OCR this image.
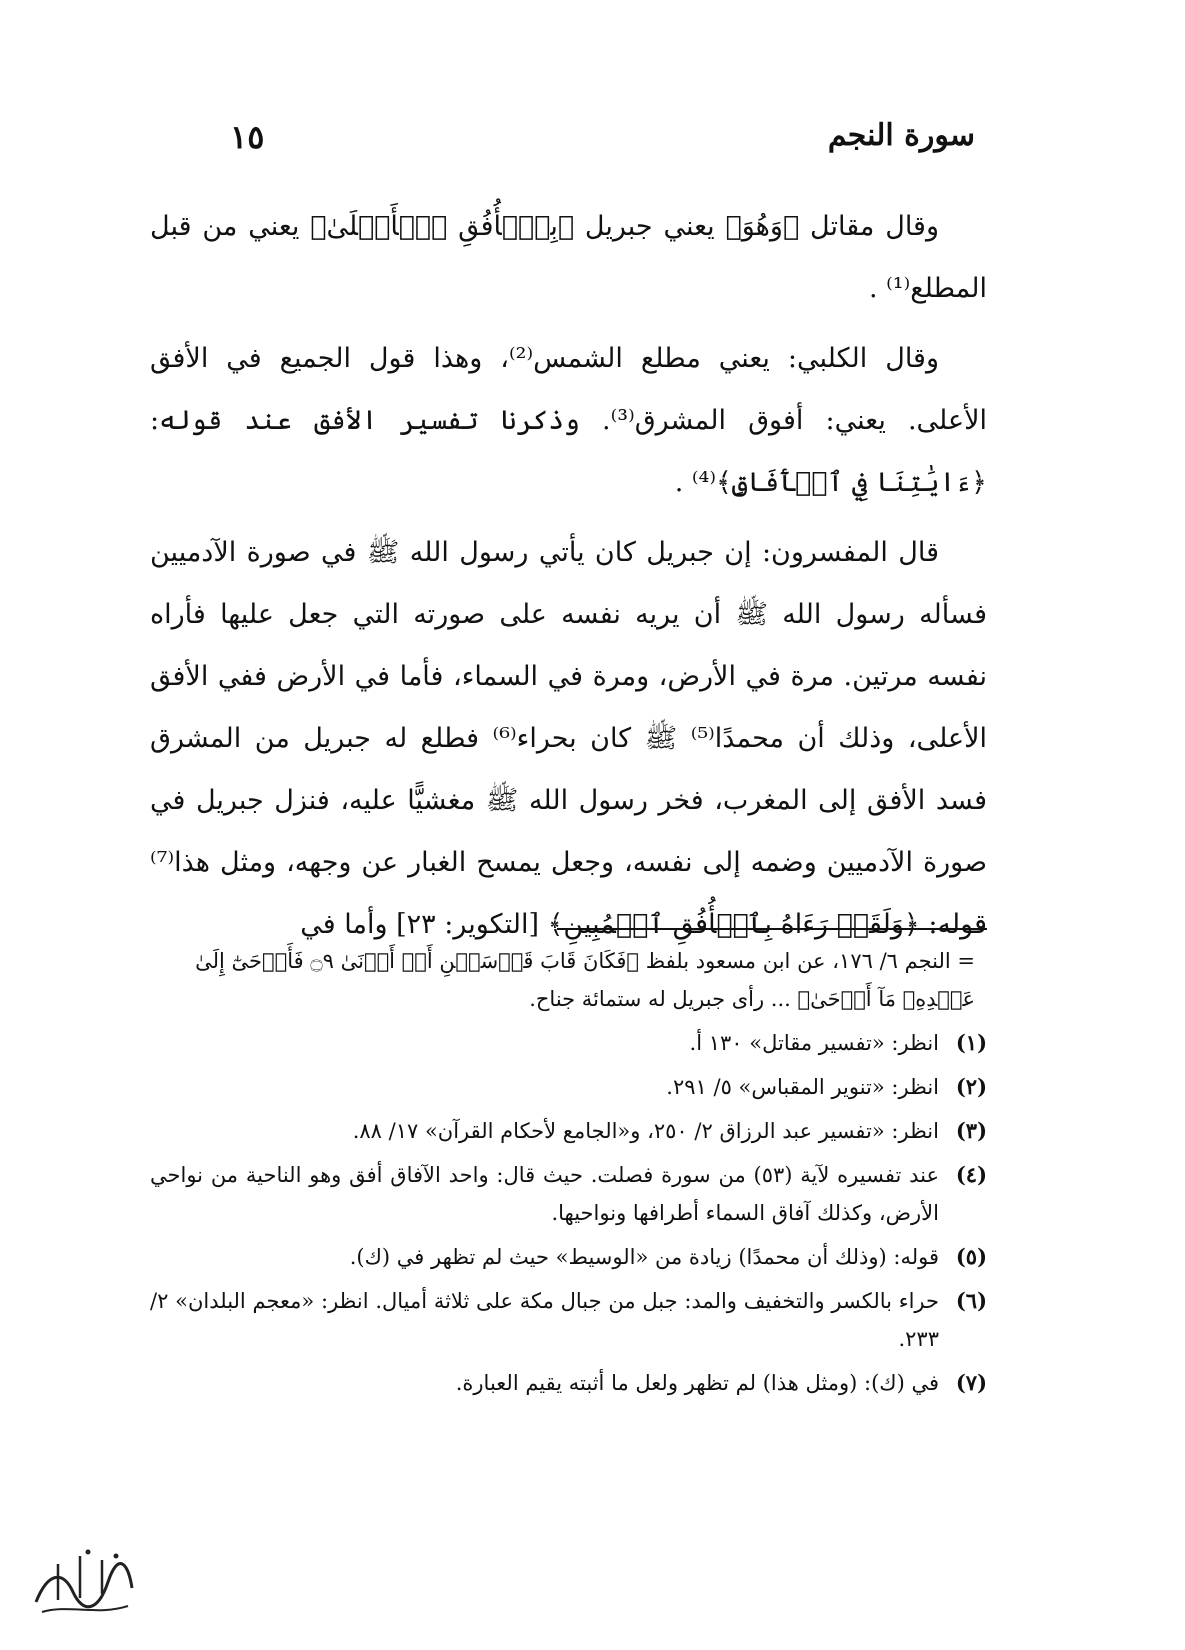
سورة النجم
١٥

وقال مقاتل ﴿وَهُوَ﴾ يعني جبريل ﴿بِٱلۡأُفُقِ ٱلۡأَعۡلَىٰ﴾ يعني من قبل المطلع⁽¹⁾ .

وقال الكلبي: يعني مطلع الشمس⁽²⁾، وهذا قول الجميع في الأفق الأعلى. يعني: أفوق المشرق⁽³⁾. وذكرنا تفسير الأفق عند قوله: ﴿ءَايَٰتِنَا فِي ٱلۡأٓفَاقِ﴾⁽⁴⁾ .

قال المفسرون: إن جبريل كان يأتي رسول الله ﷺ في صورة الآدميين فسأله رسول الله ﷺ أن يريه نفسه على صورته التي جعل عليها فأراه نفسه مرتين. مرة في الأرض، ومرة في السماء، فأما في الأرض ففي الأفق الأعلى، وذلك أن محمدًا⁽⁵⁾ ﷺ كان بحراء⁽⁶⁾ فطلع له جبريل من المشرق فسد الأفق إلى المغرب، فخر رسول الله ﷺ مغشيًّا عليه، فنزل جبريل في صورة الآدميين وضمه إلى نفسه، وجعل يمسح الغبار عن وجهه، ومثل هذا⁽⁷⁾ قوله: ﴿وَلَقَدۡ رَءَاهُ بِٱلۡأُفُقِ ٱلۡمُبِينِ﴾ [التكوير: ٢٣] وأما في

= النجم ٦/ ١٧٦، عن ابن مسعود بلفظ ﴿فَكَانَ قَابَ قَوۡسَيۡنِ أَوۡ أَدۡنَىٰ ۝٩ فَأَوۡحَىٰٓ إِلَىٰ عَبۡدِهِۦ مَآ أَوۡحَىٰ﴾ ... رأى جبريل له ستمائة جناح.

(١)
انظر: «تفسير مقاتل» ١٣٠ أ.
(٢)
انظر: «تنوير المقباس» ٥/ ٢٩١.
(٣)
انظر: «تفسير عبد الرزاق ٢/ ٢٥٠، و«الجامع لأحكام القرآن» ١٧/ ٨٨.
(٤)
عند تفسيره لآية (٥٣) من سورة فصلت. حيث قال: واحد الآفاق أفق وهو الناحية من نواحي الأرض، وكذلك آفاق السماء أطرافها ونواحيها.
(٥)
قوله: (وذلك أن محمدًا) زيادة من «الوسيط» حيث لم تظهر في (ك).
(٦)
حراء بالكسر والتخفيف والمد: جبل من جبال مكة على ثلاثة أميال. انظر: «معجم البلدان» ٢/ ٢٣٣.
(٧)
في (ك): (ومثل هذا) لم تظهر ولعل ما أثبته يقيم العبارة.
